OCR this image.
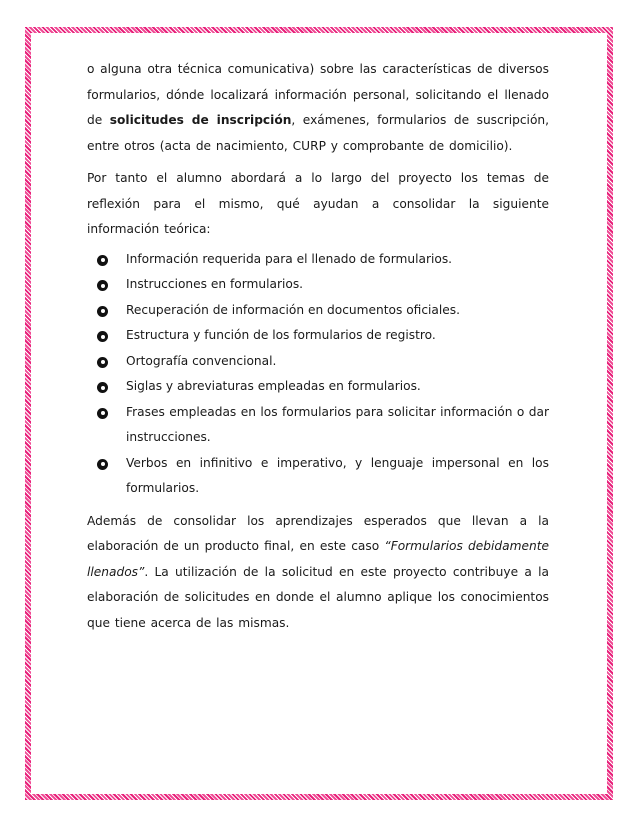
o alguna otra técnica comunicativa) sobre las características de diversos formularios, dónde localizará información personal, solicitando el llenado de solicitudes de inscripción, exámenes, formularios de suscripción, entre otros (acta de nacimiento, CURP y comprobante de domicilio).

Por tanto el alumno abordará a lo largo del proyecto los temas de reflexión para el mismo, qué ayudan a consolidar la siguiente información teórica:

Información requerida para el llenado de formularios.
Instrucciones en formularios.
Recuperación de información en documentos oficiales.
Estructura y función de los formularios de registro.
Ortografía convencional.
Siglas y abreviaturas empleadas en formularios.
Frases empleadas en los formularios para solicitar información o dar instrucciones.
Verbos en infinitivo e imperativo, y lenguaje impersonal en los formularios.

Además de consolidar los aprendizajes esperados que llevan a la elaboración de un producto final, en este caso “Formularios debidamente llenados”. La utilización de la solicitud en este proyecto contribuye a la elaboración de solicitudes en donde el alumno aplique los conocimientos que tiene acerca de las mismas.
